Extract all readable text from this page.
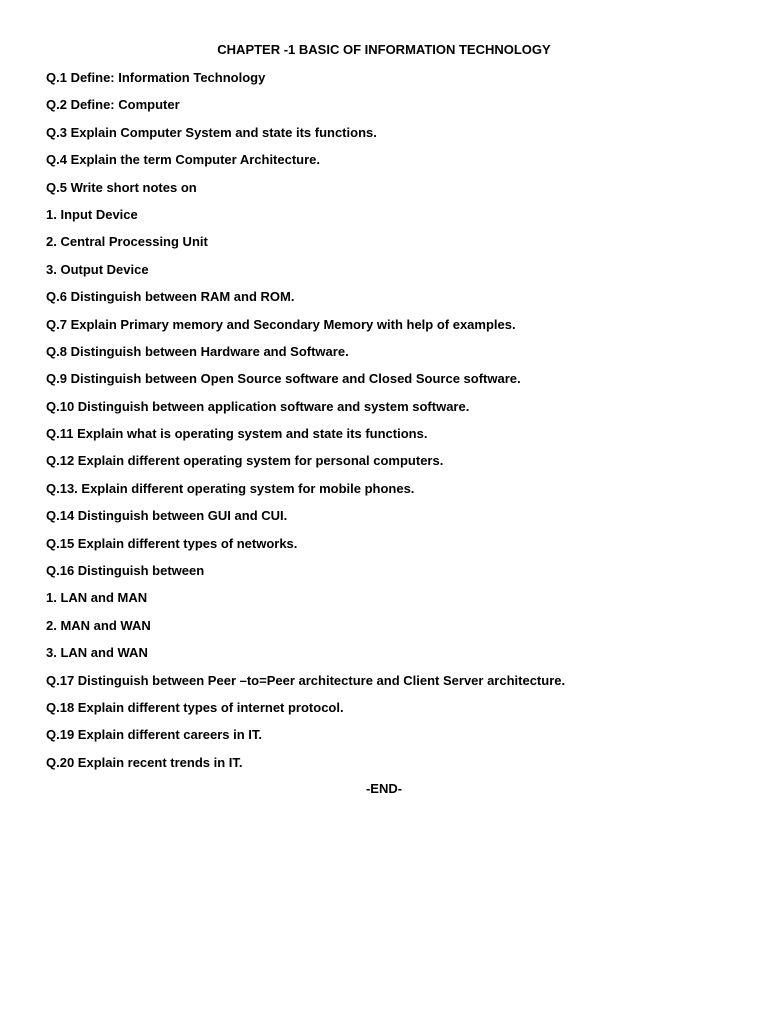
CHAPTER -1 BASIC OF INFORMATION TECHNOLOGY
Q.1 Define: Information Technology
Q.2 Define: Computer
Q.3 Explain Computer System and state its functions.
Q.4 Explain the term Computer Architecture.
Q.5 Write short notes on
1. Input Device
2. Central Processing Unit
3. Output Device
Q.6 Distinguish between RAM and ROM.
Q.7 Explain Primary memory and Secondary Memory with help of examples.
Q.8 Distinguish between Hardware and Software.
Q.9 Distinguish between Open Source software and Closed Source software.
Q.10 Distinguish between application software and system software.
Q.11 Explain what is operating system and state its functions.
Q.12 Explain different operating system for personal computers.
Q.13. Explain different operating system for mobile phones.
Q.14 Distinguish between GUI and CUI.
Q.15 Explain different types of networks.
Q.16 Distinguish between
1. LAN and MAN
2. MAN and WAN
3. LAN and WAN
Q.17 Distinguish between Peer –to=Peer architecture and Client Server architecture.
Q.18 Explain different types of internet protocol.
Q.19 Explain different careers in IT.
Q.20 Explain recent trends in IT.
-END-
